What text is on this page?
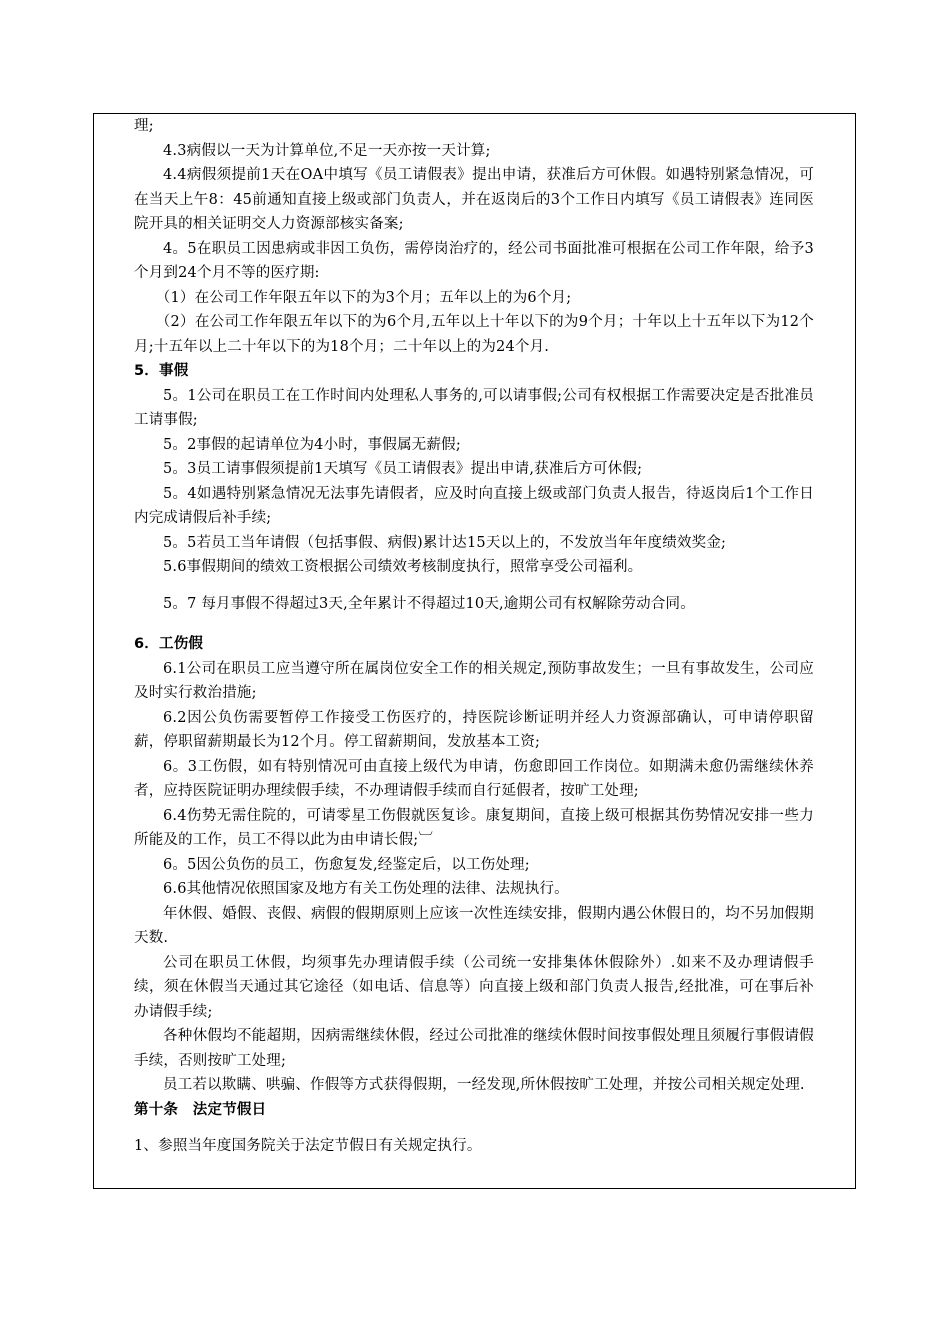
理;

4.3病假以一天为计算单位,不足一天亦按一天计算;

4.4病假须提前1天在OA中填写《员工请假表》提出申请，获准后方可休假。如遇特别紧急情况，可在当天上午8：45前通知直接上级或部门负责人，并在返岗后的3个工作日内填写《员工请假表》连同医院开具的相关证明交人力资源部核实备案;

4。5在职员工因患病或非因工负伤，需停岗治疗的，经公司书面批准可根据在公司工作年限，给予3个月到24个月不等的医疗期:

（1）在公司工作年限五年以下的为3个月；五年以上的为6个月;

（2）在公司工作年限五年以下的为6个月,五年以上十年以下的为9个月；十年以上十五年以下为12个月;十五年以上二十年以下的为18个月；二十年以上的为24个月.

5．事假

5。1公司在职员工在工作时间内处理私人事务的,可以请事假;公司有权根据工作需要决定是否批准员工请事假;

5。2事假的起请单位为4小时，事假属无薪假;

5。3员工请事假须提前1天填写《员工请假表》提出申请,获准后方可休假;

5。4如遇特别紧急情况无法事先请假者，应及时向直接上级或部门负责人报告，待返岗后1个工作日内完成请假后补手续;

5。5若员工当年请假（包括事假、病假)累计达15天以上的，不发放当年年度绩效奖金;

5.6事假期间的绩效工资根据公司绩效考核制度执行，照常享受公司福利。

5。7 每月事假不得超过3天,全年累计不得超过10天,逾期公司有权解除劳动合同。

6．工伤假

6.1公司在职员工应当遵守所在属岗位安全工作的相关规定,预防事故发生；一旦有事故发生，公司应及时实行救治措施;

6.2因公负伤需要暂停工作接受工伤医疗的，持医院诊断证明并经人力资源部确认，可申请停职留薪，停职留薪期最长为12个月。停工留薪期间，发放基本工资;

6。3工伤假，如有特别情况可由直接上级代为申请，伤愈即回工作岗位。如期满未愈仍需继续休养者，应持医院证明办理续假手续，不办理请假手续而自行延假者，按旷工处理;

6.4伤势无需住院的，可请零星工伤假就医复诊。康复期间，直接上级可根据其伤势情况安排一些力所能及的工作，员工不得以此为由申请长假;︺

6。5因公负伤的员工，伤愈复发,经鉴定后，以工伤处理;

6.6其他情况依照国家及地方有关工伤处理的法律、法规执行。

年休假、婚假、丧假、病假的假期原则上应该一次性连续安排，假期内遇公休假日的，均不另加假期天数.

公司在职员工休假，均须事先办理请假手续（公司统一安排集体休假除外）.如来不及办理请假手续，须在休假当天通过其它途径（如电话、信息等）向直接上级和部门负责人报告,经批准，可在事后补办请假手续;

各种休假均不能超期，因病需继续休假，经过公司批准的继续休假时间按事假处理且须履行事假请假手续，否则按旷工处理;

员工若以欺瞒、哄骗、作假等方式获得假期，一经发现,所休假按旷工处理，并按公司相关规定处理.

第十条　法定节假日

1、参照当年度国务院关于法定节假日有关规定执行。
